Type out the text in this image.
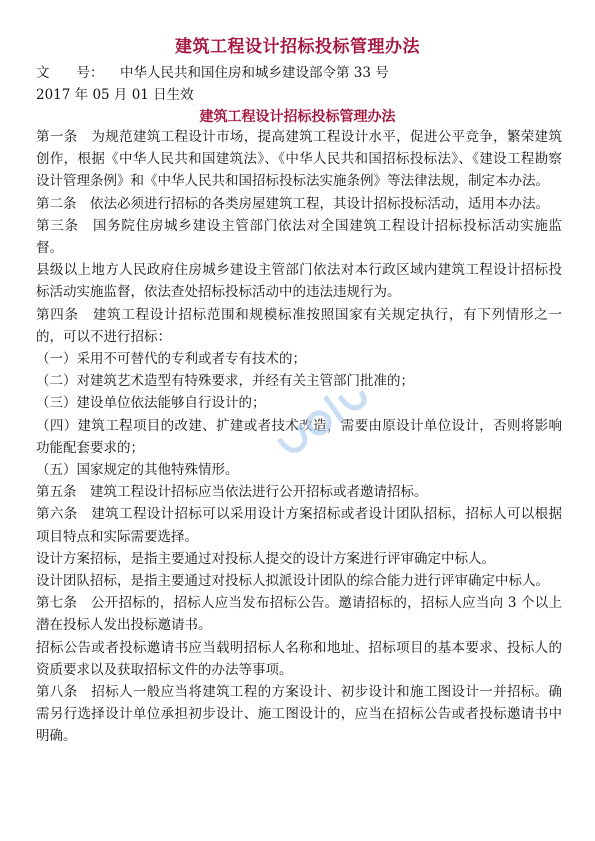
建筑工程设计招标投标管理办法
文　　号： 中华人民共和国住房和城乡建设部令第 33 号
2017 年 05 月 01 日生效
建筑工程设计招标投标管理办法

第一条　为规范建筑工程设计市场，提高建筑工程设计水平，促进公平竞争，繁荣建筑创作，根据《中华人民共和国建筑法》、《中华人民共和国招标投标法》、《建设工程勘察设计管理条例》和《中华人民共和国招标投标法实施条例》等法律法规，制定本办法。

第二条　依法必须进行招标的各类房屋建筑工程，其设计招标投标活动，适用本办法。

第三条　国务院住房城乡建设主管部门依法对全国建筑工程设计招标投标活动实施监督。

县级以上地方人民政府住房城乡建设主管部门依法对本行政区域内建筑工程设计招标投标活动实施监督，依法查处招标投标活动中的违法违规行为。

第四条　建筑工程设计招标范围和规模标准按照国家有关规定执行，有下列情形之一的，可以不进行招标：

（一）采用不可替代的专利或者专有技术的；

（二）对建筑艺术造型有特殊要求，并经有关主管部门批准的；

（三）建设单位依法能够自行设计的；

（四）建筑工程项目的改建、扩建或者技术改造，需要由原设计单位设计，否则将影响功能配套要求的；

（五）国家规定的其他特殊情形。

第五条　建筑工程设计招标应当依法进行公开招标或者邀请招标。

第六条　建筑工程设计招标可以采用设计方案招标或者设计团队招标，招标人可以根据项目特点和实际需要选择。

设计方案招标，是指主要通过对投标人提交的设计方案进行评审确定中标人。

设计团队招标，是指主要通过对投标人拟派设计团队的综合能力进行评审确定中标人。

第七条　公开招标的，招标人应当发布招标公告。邀请招标的，招标人应当向 3 个以上潜在投标人发出投标邀请书。

招标公告或者投标邀请书应当载明招标人名称和地址、招标项目的基本要求、投标人的资质要求以及获取招标文件的办法等事项。

第八条　招标人一般应当将建筑工程的方案设计、初步设计和施工图设计一并招标。确需另行选择设计单位承担初步设计、施工图设计的，应当在招标公告或者投标邀请书中明确。
